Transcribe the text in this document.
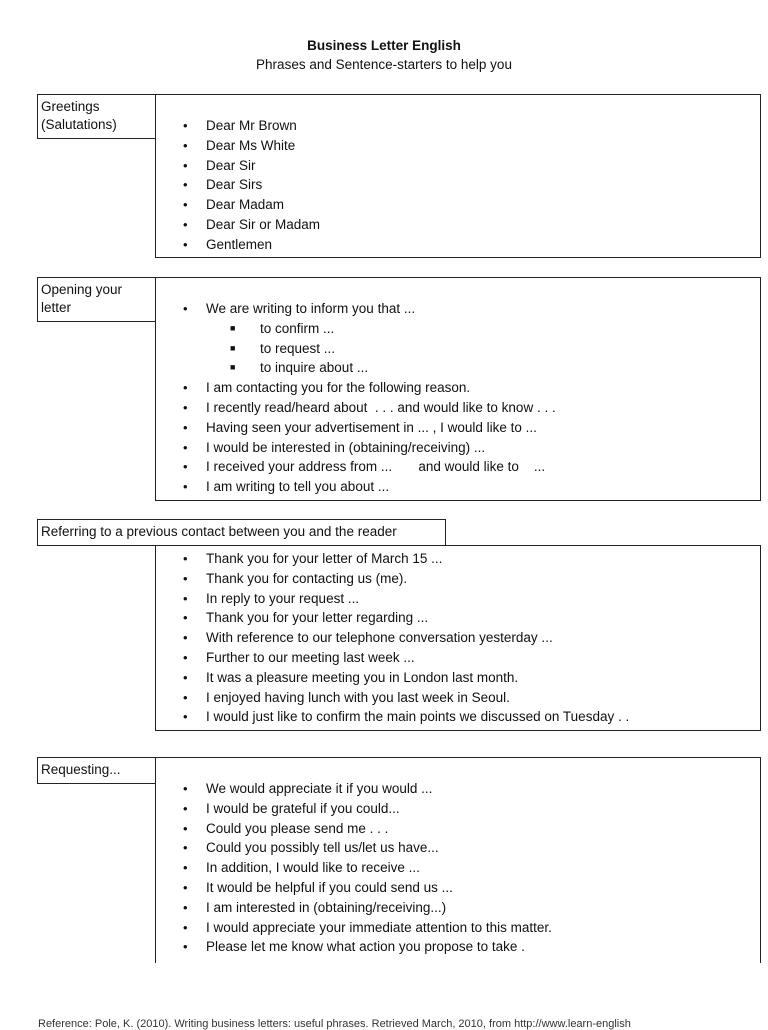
Business Letter English
Phrases and Sentence-starters to help you
Greetings
(Salutations)	• Dear Mr Brown
• Dear Ms White
• Dear Sir
• Dear Sirs
• Dear Madam
• Dear Sir or Madam
• Gentlemen
Opening your
letter	• We are writing to inform you that ...
■ to confirm ...
■ to request ...
■ to inquire about ...
• I am contacting you for the following reason.
• I recently read/heard about  . . . and would like to know . . .
• Having seen your advertisement in ... , I would like to ...
• I would be interested in (obtaining/receiving) ...
• I received your address from ...       and would like to    ...
• I am writing to tell you about ...
Referring to a previous contact between you and the reader
• Thank you for your letter of March 15 ...
• Thank you for contacting us (me).
• In reply to your request ...
• Thank you for your letter regarding ...
• With reference to our telephone conversation yesterday ...
• Further to our meeting last week ...
• It was a pleasure meeting you in London last month.
• I enjoyed having lunch with you last week in Seoul.
• I would just like to confirm the main points we discussed on Tuesday . .
Requesting...
• We would appreciate it if you would ...
• I would be grateful if you could...
• Could you please send me . . .
• Could you possibly tell us/let us have...
• In addition, I would like to receive ...
• It would be helpful if you could send us ...
• I am interested in (obtaining/receiving...)
• I would appreciate your immediate attention to this matter.
• Please let me know what action you propose to take .
Reference: Pole, K. (2010). Writing business letters: useful phrases. Retrieved March, 2010, from http://www.learn-english
